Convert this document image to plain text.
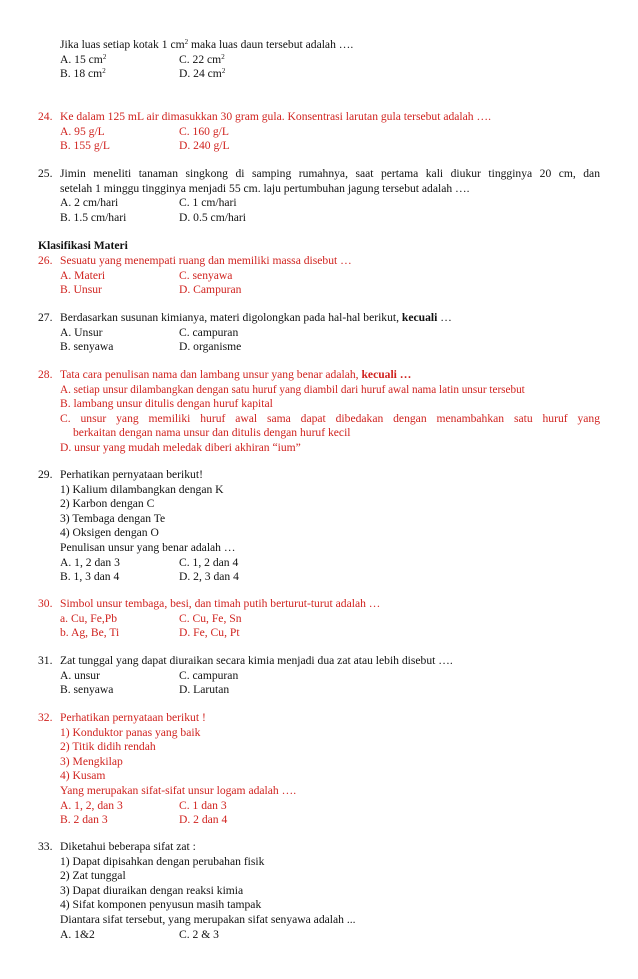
Jika luas setiap kotak 1 $cm^2$ maka luas daun tersebut adalah ….
A. 15 $cm^2$	C. 22 $cm^2$
B. 18 $cm^2$	D. 24 $cm^2$
24. Ke dalam 125 mL air dimasukkan 30 gram gula. Konsentrasi larutan gula tersebut adalah ….
A. 95 g/L	C. 160 g/L
B. 155 g/L	D. 240 g/L
25. Jimin meneliti tanaman singkong di samping rumahnya, saat pertama kali diukur tingginya 20 cm, dan
setelah 1 minggu tingginya menjadi 55 cm. laju pertumbuhan jagung tersebut adalah ….
A. 2 cm/hari	C. 1 cm/hari
B. 1.5 cm/hari	D. 0.5 cm/hari
Klasifikasi Materi
26. Sesuatu yang menempati ruang dan memiliki massa disebut …
A. Materi	C. senyawa
B. Unsur	D. Campuran
27. Berdasarkan susunan kimianya, materi digolongkan pada hal-hal berikut, kecuali …
A. Unsur	C. campuran
B. senyawa	D. organisme
28. Tata cara penulisan nama dan lambang unsur yang benar adalah, kecuali …
A. setiap unsur dilambangkan dengan satu huruf yang diambil dari huruf awal nama latin unsur tersebut
B. lambang unsur ditulis dengan huruf kapital
C. unsur yang memiliki huruf awal sama dapat dibedakan dengan menambahkan satu huruf yang
berkaitan dengan nama unsur dan ditulis dengan huruf kecil
D. unsur yang mudah meledak diberi akhiran “ium”
29. Perhatikan pernyataan berikut!
1) Kalium dilambangkan dengan K
2) Karbon dengan C
3) Tembaga dengan Te
4) Oksigen dengan O
Penulisan unsur yang benar adalah …
A. 1, 2 dan 3	C. 1, 2 dan 4
B. 1, 3 dan 4	D. 2, 3 dan 4
30. Simbol unsur tembaga, besi, dan timah putih berturut-turut adalah …
a. Cu, Fe,Pb	C. Cu, Fe, Sn
b. Ag, Be, Ti	D. Fe, Cu, Pt
31. Zat tunggal yang dapat diuraikan secara kimia menjadi dua zat atau lebih disebut ….
A. unsur	C. campuran
B. senyawa	D. Larutan
32. Perhatikan pernyataan berikut !
1) Konduktor panas yang baik
2) Titik didih rendah
3) Mengkilap
4) Kusam
Yang merupakan sifat-sifat unsur logam adalah ….
A. 1, 2, dan 3	C. 1 dan 3
B. 2 dan 3	D. 2 dan 4
33. Diketahui beberapa sifat zat :
1) Dapat dipisahkan dengan perubahan fisik
2) Zat tunggal
3) Dapat diuraikan dengan reaksi kimia
4) Sifat komponen penyusun masih tampak
Diantara sifat tersebut, yang merupakan sifat senyawa adalah ...
A. 1&2	C. 2 & 3
